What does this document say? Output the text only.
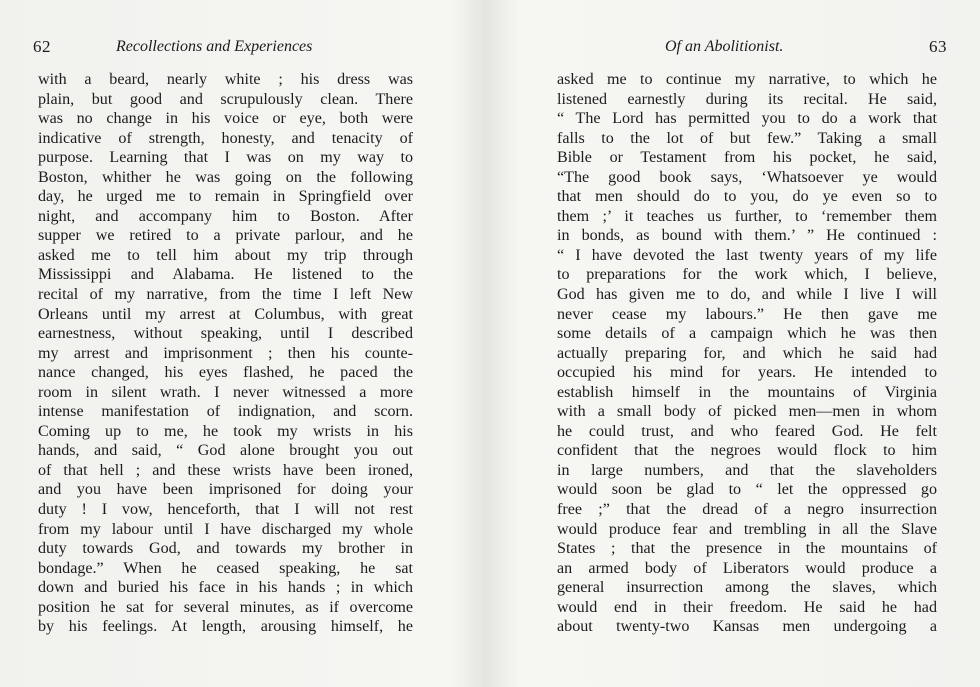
62	Recollections and Experiences
with a beard, nearly white ; his dress was
plain, but good and scrupulously clean. There
was no change in his voice or eye, both were
indicative of strength, honesty, and tenacity of
purpose. Learning that I was on my way to
Boston, whither he was going on the following
day, he urged me to remain in Springfield over
night, and accompany him to Boston. After
supper we retired to a private parlour, and he
asked me to tell him about my trip through
Mississippi and Alabama. He listened to the
recital of my narrative, from the time I left New
Orleans until my arrest at Columbus, with great
earnestness, without speaking, until I described
my arrest and imprisonment ; then his counte-
nance changed, his eyes flashed, he paced the
room in silent wrath. I never witnessed a more
intense manifestation of indignation, and scorn.
Coming up to me, he took my wrists in his
hands, and said, “ God alone brought you out
of that hell ; and these wrists have been ironed,
and you have been imprisoned for doing your
duty ! I vow, henceforth, that I will not rest
from my labour until I have discharged my whole
duty towards God, and towards my brother in
bondage.” When he ceased speaking, he sat
down and buried his face in his hands ; in which
position he sat for several minutes, as if overcome
by his feelings. At length, arousing himself, he
Of an Abolitionist.	63
asked me to continue my narrative, to which he
listened earnestly during its recital. He said,
“ The Lord has permitted you to do a work that
falls to the lot of but few.” Taking a small
Bible or Testament from his pocket, he said,
“The good book says, ‘Whatsoever ye would
that men should do to you, do ye even so to
them ;’ it teaches us further, to ‘remember them
in bonds, as bound with them.’ ” He continued :
“ I have devoted the last twenty years of my life
to preparations for the work which, I believe,
God has given me to do, and while I live I will
never cease my labours.” He then gave me
some details of a campaign which he was then
actually preparing for, and which he said had
occupied his mind for years. He intended to
establish himself in the mountains of Virginia
with a small body of picked men—men in whom
he could trust, and who feared God. He felt
confident that the negroes would flock to him
in large numbers, and that the slaveholders
would soon be glad to “ let the oppressed go
free ;” that the dread of a negro insurrection
would produce fear and trembling in all the Slave
States ; that the presence in the mountains of
an armed body of Liberators would produce a
general insurrection among the slaves, which
would end in their freedom. He said he had
about twenty-two Kansas men undergoing a
